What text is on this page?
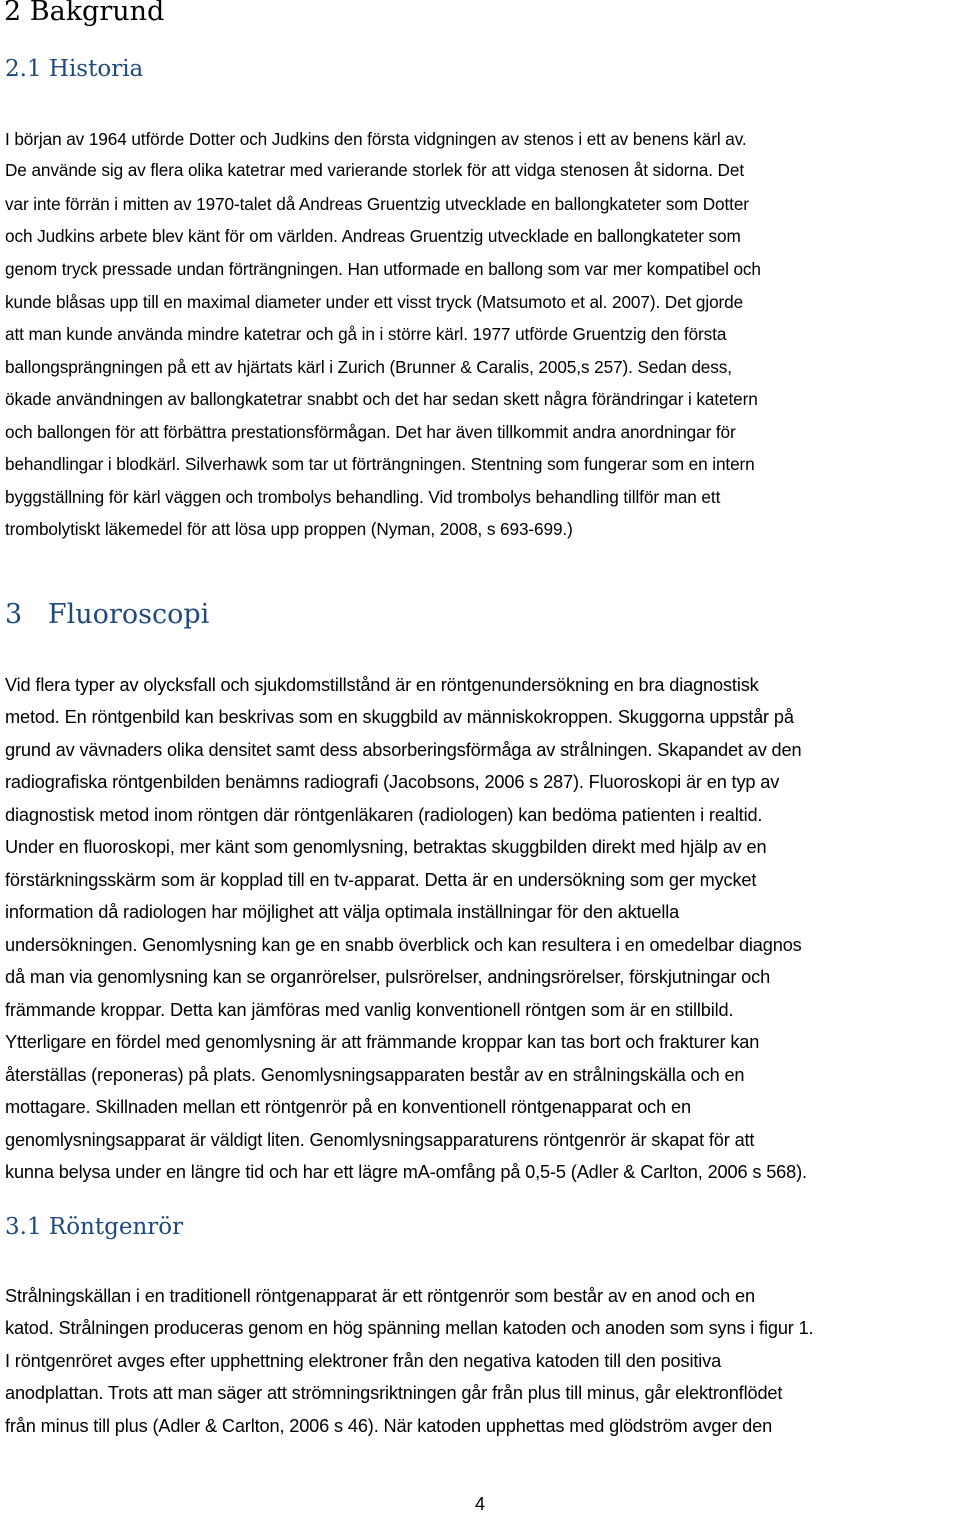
2 Bakgrund
2.1 Historia

I början av 1964 utförde Dotter och Judkins den första vidgningen av stenos i ett av benens kärl av.

De använde sig av flera olika katetrar med varierande storlek för att vidga stenosen åt sidorna. Det

var inte förrän i mitten av 1970-talet då Andreas Gruentzig utvecklade en ballongkateter som Dotter

och Judkins arbete blev känt för om världen. Andreas Gruentzig utvecklade en ballongkateter som

genom tryck pressade undan förträngningen. Han utformade en ballong som var mer kompatibel och

kunde blåsas upp till en maximal diameter under ett visst tryck (Matsumoto et al. 2007). Det gjorde

att man kunde använda mindre katetrar och gå in i större kärl. 1977 utförde Gruentzig den första

ballongsprängningen på ett av hjärtats kärl i Zurich (Brunner & Caralis, 2005,s 257). Sedan dess,

ökade användningen av ballongkatetrar snabbt och det har sedan skett några förändringar i katetern

och ballongen för att förbättra prestationsförmågan. Det har även tillkommit andra anordningar för

behandlingar i blodkärl. Silverhawk som tar ut förträngningen. Stentning som fungerar som en intern

byggställning för kärl väggen och trombolys behandling. Vid trombolys behandling tillför man ett

trombolytiskt läkemedel för att lösa upp proppen (Nyman, 2008, s 693-699.)

3   Fluoroscopi

Vid flera typer av olycksfall och sjukdomstillstånd är en röntgenundersökning en bra diagnostisk

metod. En röntgenbild kan beskrivas som en skuggbild av människokroppen. Skuggorna uppstår på

grund av vävnaders olika densitet samt dess absorberingsförmåga av strålningen. Skapandet av den

radiografiska röntgenbilden benämns radiografi (Jacobsons, 2006 s 287). Fluoroskopi är en typ av

diagnostisk metod inom röntgen där röntgenläkaren (radiologen) kan bedöma patienten i realtid.

Under en fluoroskopi, mer känt som genomlysning, betraktas skuggbilden direkt med hjälp av en

förstärkningsskärm som är kopplad till en tv-apparat. Detta är en undersökning som ger mycket

information då radiologen har möjlighet att välja optimala inställningar för den aktuella

undersökningen. Genomlysning kan ge en snabb överblick och kan resultera i en omedelbar diagnos

då man via genomlysning kan se organrörelser, pulsrörelser, andningsrörelser, förskjutningar och

främmande kroppar. Detta kan jämföras med vanlig konventionell röntgen som är en stillbild.

Ytterligare en fördel med genomlysning är att främmande kroppar kan tas bort och frakturer kan

återställas (reponeras) på plats. Genomlysningsapparaten består av en strålningskälla och en

mottagare. Skillnaden mellan ett röntgenrör på en konventionell röntgenapparat och en

genomlysningsapparat är väldigt liten. Genomlysningsapparaturens röntgenrör är skapat för att

kunna belysa under en längre tid och har ett lägre mA-omfång på 0,5-5 (Adler & Carlton, 2006 s 568).

3.1 Röntgenrör

Strålningskällan i en traditionell röntgenapparat är ett röntgenrör som består av en anod och en

katod. Strålningen produceras genom en hög spänning mellan katoden och anoden som syns i figur 1.

I röntgenröret avges efter upphettning elektroner från den negativa katoden till den positiva

anodplattan. Trots att man säger att strömningsriktningen går från plus till minus, går elektronflödet

från minus till plus (Adler & Carlton, 2006 s 46). När katoden upphettas med glödström avger den

4
